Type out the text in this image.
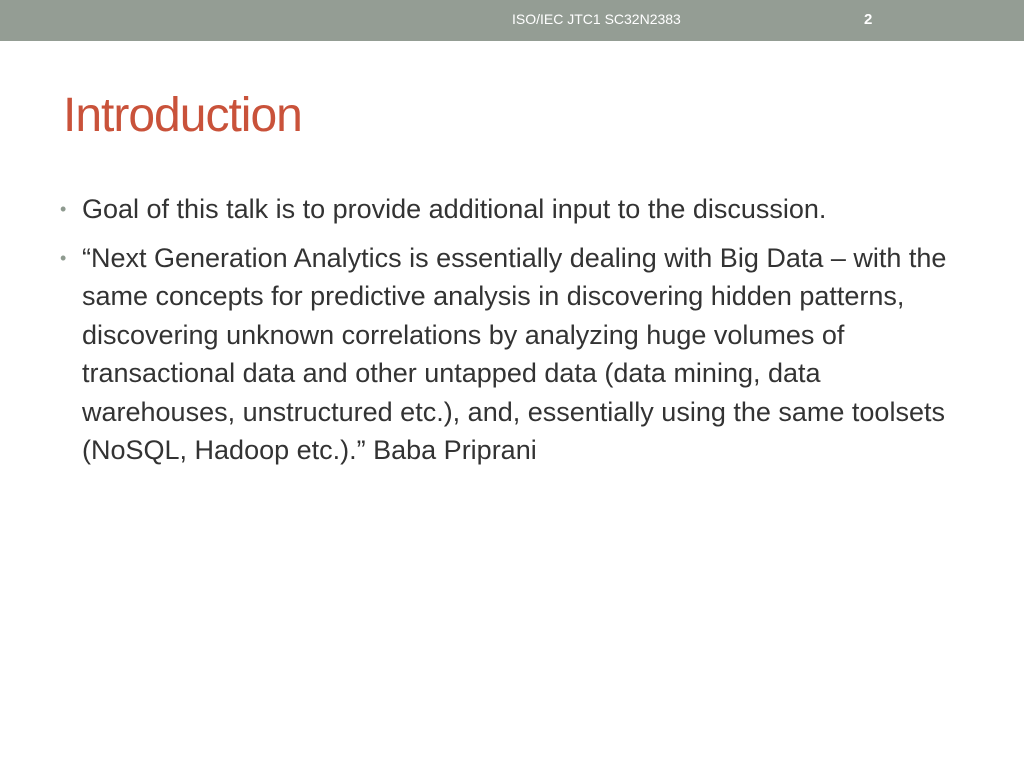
ISO/IEC JTC1 SC32N2383	2
Introduction
• Goal of this talk is to provide additional input to the discussion.
• “Next Generation Analytics is essentially dealing with Big Data – with the same concepts for predictive analysis in discovering hidden patterns, discovering unknown correlations by analyzing huge volumes of transactional data and other untapped data (data mining, data warehouses, unstructured etc.), and, essentially using the same toolsets (NoSQL, Hadoop etc.).” Baba Priprani
